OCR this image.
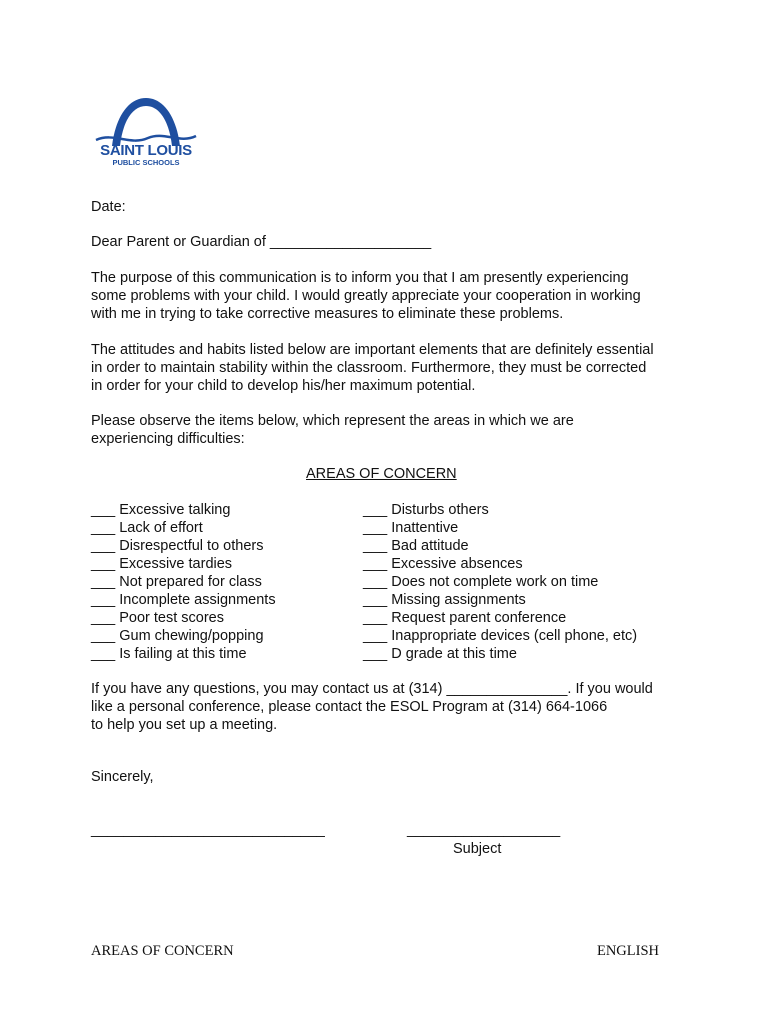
SAINT LOUIS
PUBLIC SCHOOLS
Date:
Dear Parent or Guardian of ____________________
The purpose of this communication is to inform you that I am presently experiencing
some problems with your child. I would greatly appreciate your cooperation in working
with me in trying to take corrective measures to eliminate these problems.
The attitudes and habits listed below are important elements that are definitely essential
in order to maintain stability within the classroom. Furthermore, they must be corrected
in order for your child to develop his/her maximum potential.
Please observe the items below, which represent the areas in which we are
experiencing difficulties:
AREAS OF CONCERN
___ Excessive talking
___ Lack of effort
___ Disrespectful to others
___ Excessive tardies
___ Not prepared for class
___ Incomplete assignments
___ Poor test scores
___ Gum chewing/popping
___ Is failing at this time
___ Disturbs others
___ Inattentive
___ Bad attitude
___ Excessive absences
___ Does not complete work on time
___ Missing assignments
___ Request parent conference
___ Inappropriate devices (cell phone, etc)
___ D grade at this time
If you have any questions, you may contact us at (314) _______________. If you would
like a personal conference, please contact the ESOL Program at (314) 664-1066
to help you set up a meeting.
Sincerely,
_____________________________	___________________
Subject
AREAS OF CONCERN	ENGLISH
